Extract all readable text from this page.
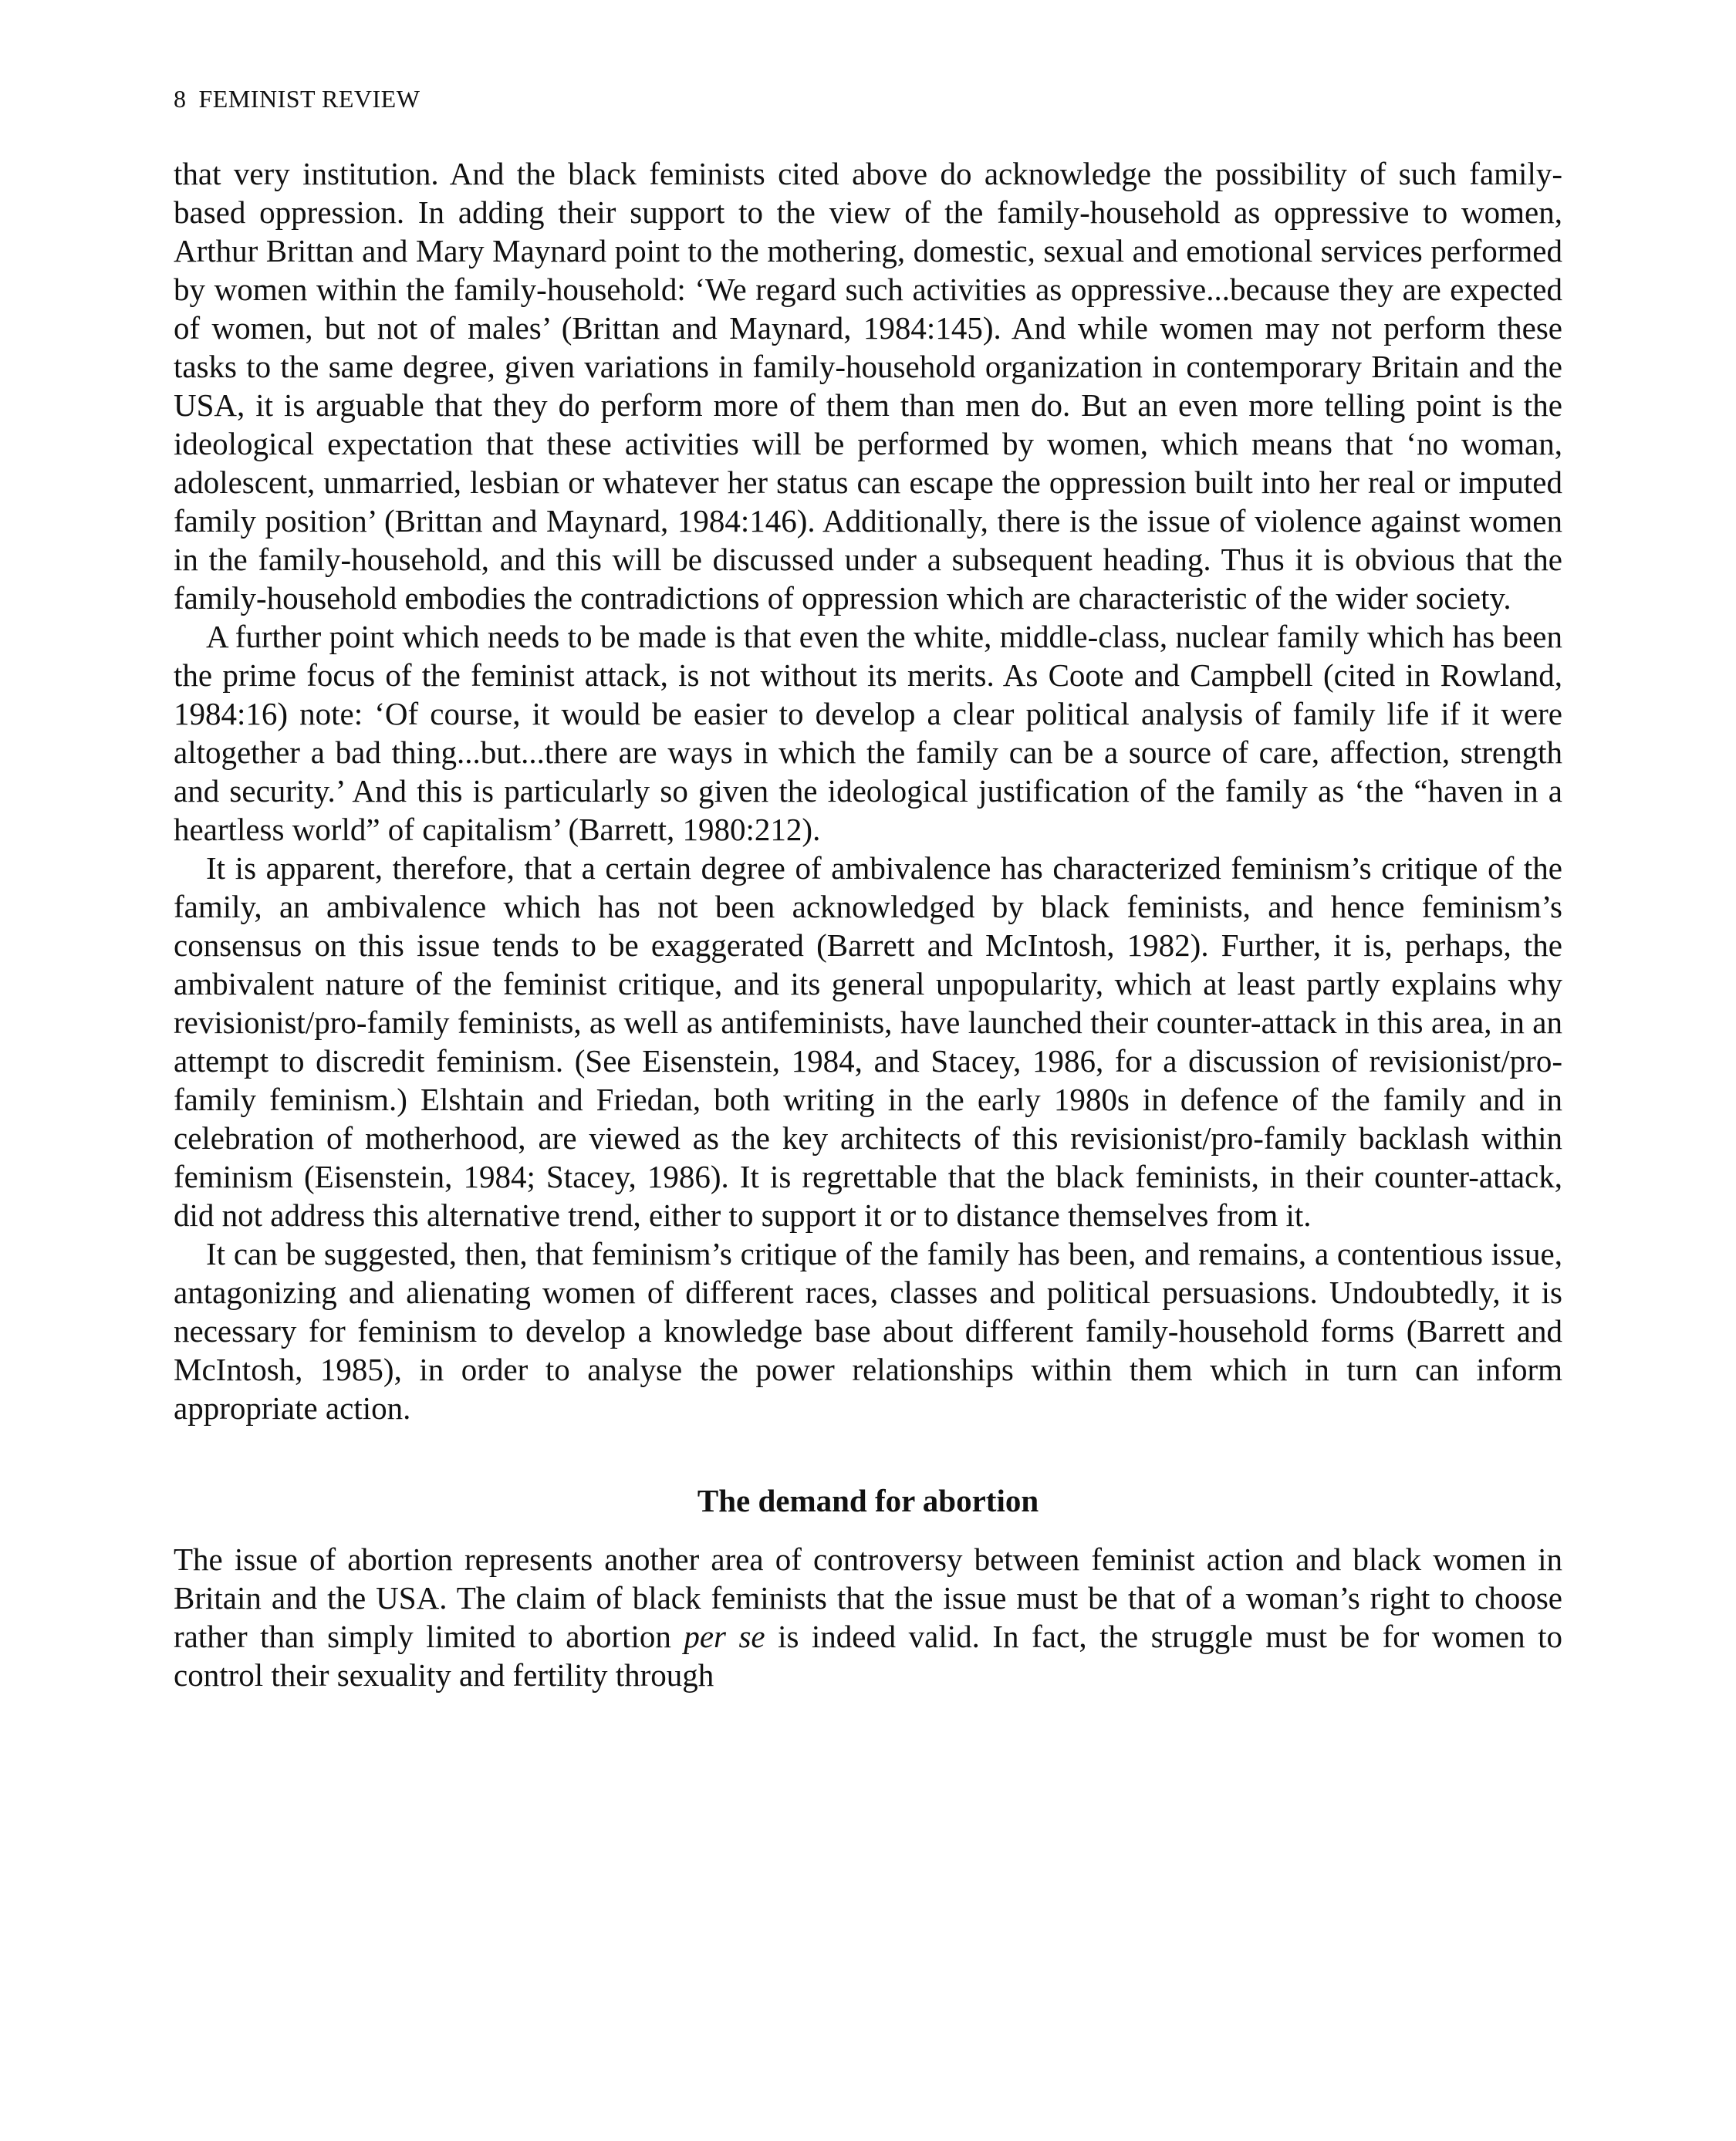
8 FEMINIST REVIEW

that very institution. And the black feminists cited above do acknowledge the possibility of such family-based oppression. In adding their support to the view of the family-household as oppressive to women, Arthur Brittan and Mary Maynard point to the mothering, domestic, sexual and emotional services performed by women within the family-household: ‘We regard such activities as oppressive...because they are expected of women, but not of males’ (Brittan and Maynard, 1984:145). And while women may not perform these tasks to the same degree, given variations in family-household organization in contemporary Britain and the USA, it is arguable that they do perform more of them than men do. But an even more telling point is the ideological expectation that these activities will be performed by women, which means that ‘no woman, adolescent, unmarried, lesbian or whatever her status can escape the oppression built into her real or imputed family position’ (Brittan and Maynard, 1984:146). Additionally, there is the issue of violence against women in the family-household, and this will be discussed under a subsequent heading. Thus it is obvious that the family-household embodies the contradictions of oppression which are characteristic of the wider society.

A further point which needs to be made is that even the white, middle-class, nuclear family which has been the prime focus of the feminist attack, is not without its merits. As Coote and Campbell (cited in Rowland, 1984:16) note: ‘Of course, it would be easier to develop a clear political analysis of family life if it were altogether a bad thing...but...there are ways in which the family can be a source of care, affection, strength and security.’ And this is particularly so given the ideological justification of the family as ‘the “haven in a heartless world” of capitalism’ (Barrett, 1980:212).

It is apparent, therefore, that a certain degree of ambivalence has characterized feminism’s critique of the family, an ambivalence which has not been acknowledged by black feminists, and hence feminism’s consensus on this issue tends to be exaggerated (Barrett and McIntosh, 1982). Further, it is, perhaps, the ambivalent nature of the feminist critique, and its general unpopularity, which at least partly explains why revisionist/pro-family feminists, as well as antifeminists, have launched their counter-attack in this area, in an attempt to discredit feminism. (See Eisenstein, 1984, and Stacey, 1986, for a discussion of revisionist/pro-family feminism.) Elshtain and Friedan, both writing in the early 1980s in defence of the family and in celebration of motherhood, are viewed as the key architects of this revisionist/pro-family backlash within feminism (Eisenstein, 1984; Stacey, 1986). It is regrettable that the black feminists, in their counter-attack, did not address this alternative trend, either to support it or to distance themselves from it.

It can be suggested, then, that feminism’s critique of the family has been, and remains, a contentious issue, antagonizing and alienating women of different races, classes and political persuasions. Undoubtedly, it is necessary for feminism to develop a knowledge base about different family-household forms (Barrett and McIntosh, 1985), in order to analyse the power relationships within them which in turn can inform appropriate action.

The demand for abortion

The issue of abortion represents another area of controversy between feminist action and black women in Britain and the USA. The claim of black feminists that the issue must be that of a woman’s right to choose rather than simply limited to abortion per se is indeed valid. In fact, the struggle must be for women to control their sexuality and fertility through
